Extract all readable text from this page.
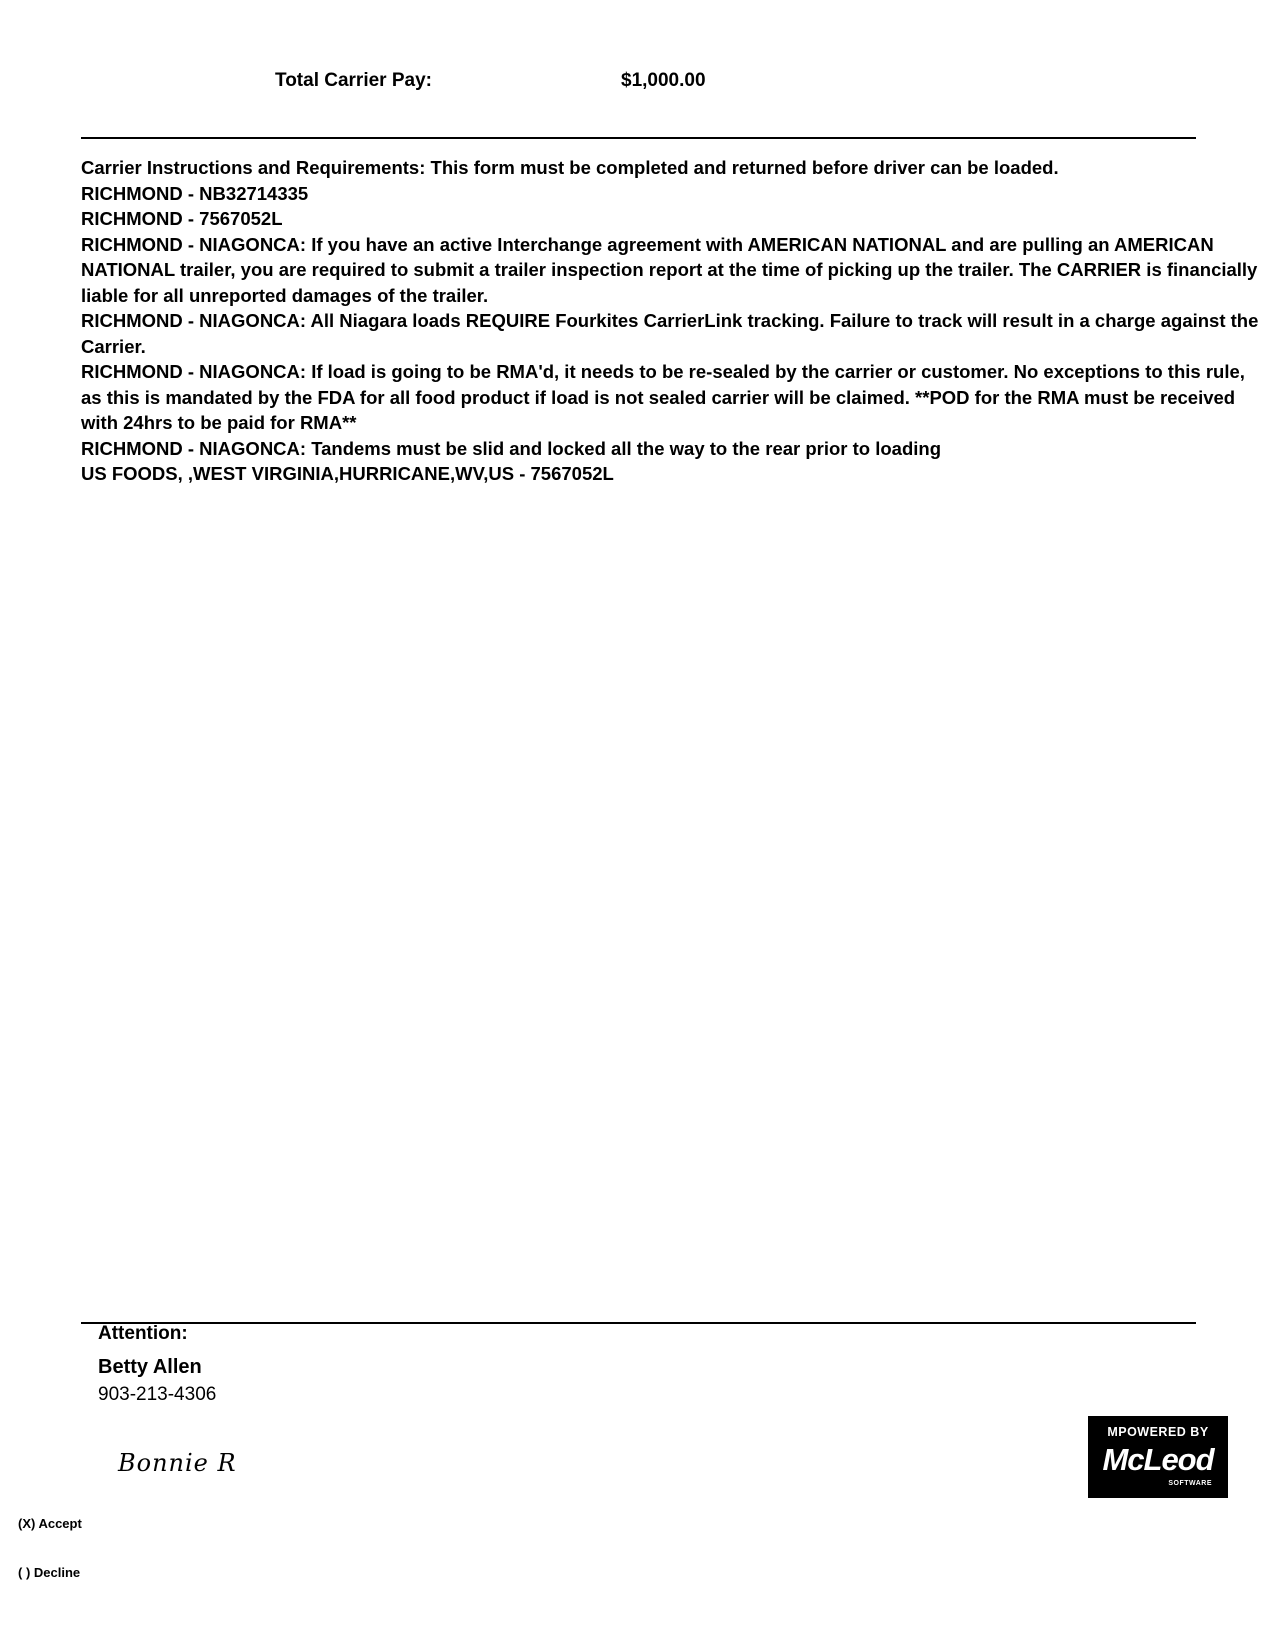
Total Carrier Pay:	$1,000.00

Carrier Instructions and Requirements: This form must be completed and returned before driver can be loaded.

RICHMOND - NB32714335

RICHMOND - 7567052L

RICHMOND - NIAGONCA: If you have an active Interchange agreement with AMERICAN NATIONAL and are pulling an AMERICAN NATIONAL trailer, you are required to submit a trailer inspection report at the time of picking up the trailer. The CARRIER is financially liable for all unreported damages of the trailer.

RICHMOND - NIAGONCA: All Niagara loads REQUIRE Fourkites CarrierLink tracking. Failure to track will result in a charge against the Carrier.

RICHMOND - NIAGONCA: If load is going to be RMA'd, it needs to be re-sealed by the carrier or customer. No exceptions to this rule, as this is mandated by the FDA for all food product if load is not sealed carrier will be claimed. **POD for the RMA must be received with 24hrs to be paid for RMA**

RICHMOND - NIAGONCA: Tandems must be slid and locked all the way to the rear prior to loading

US FOODS, ,WEST VIRGINIA,HURRICANE,WV,US - 7567052L

Attention:
Betty Allen
903-213-4306
Bonnie R
(X) Accept
( ) Decline
MPOWERED BY
McLeod
SOFTWARE
